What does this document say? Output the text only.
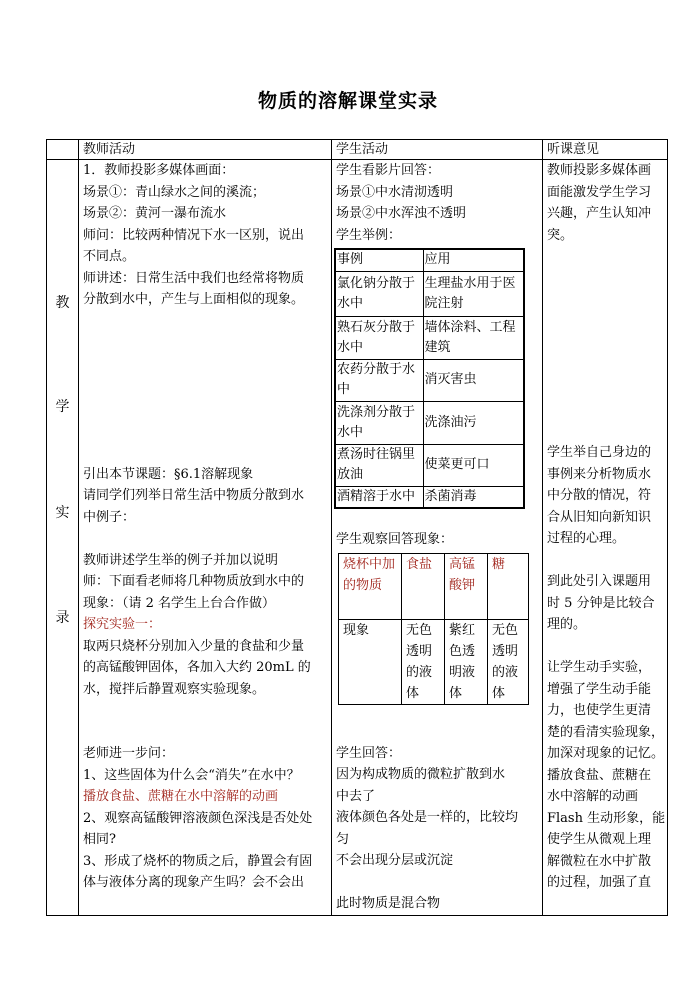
物质的溶解课堂实录
	教师活动	学生活动	听课意见

教
学
实
录

1．教师投影多媒体画面：
场景①：青山绿水之间的溪流；
场景②：黄河一瀑布流水
师问：比较两种情况下水一区别，说出
不同点。
师讲述：日常生活中我们也经常将物质
分散到水中，产生与上面相似的现象。
引出本节课题：§6.1溶解现象
请同学们列举日常生活中物质分散到水
中例子：
教师讲述学生举的例子并加以说明
师：下面看老师将几种物质放到水中的
现象：（请 2 名学生上台合作做）
探究实验一：
取两只烧杯分别加入少量的食盐和少量
的高锰酸钾固体，各加入大约 20mL 的
水，搅拌后静置观察实验现象。
老师进一步问：
1、这些固体为什么会“消失”在水中？
播放食盐、蔗糖在水中溶解的动画
2、观察高锰酸钾溶液颜色深浅是否处处
相同?
3、形成了烧杯的物质之后，静置会有固
体与液体分离的现象产生吗？会不会出

学生看影片回答：
场景①中水清沏透明
场景②中水浑浊不透明
学生举例：
事例	应用
氯化钠分散于水中	生理盐水用于医院注射
熟石灰分散于水中	墙体涂料、工程建筑
农药分散于水中	消灭害虫
洗涤剂分散于水中	洗涤油污
煮汤时往锅里放油	使菜更可口
酒精溶于水中	杀菌消毒
学生观察回答现象：
烧杯中加的物质	食盐	高锰酸钾	糖
现象	无色透明的液体	紫红色透明液体	无色透明的液体
学生回答：
因为构成物质的微粒扩散到水
中去了
液体颜色各处是一样的，比较均
匀
不会出现分层或沉淀
此时物质是混合物

教师投影多媒体画
面能激发学生学习
兴趣，产生认知冲
突。
学生举自己身边的
事例来分析物质水
中分散的情况，符
合从旧知向新知识
过程的心理。
到此处引入课题用
时 5 分钟是比较合
理的。
让学生动手实验，
增强了学生动手能
力，也使学生更清
楚的看清实验现象，
加深对现象的记忆。
播放食盐、蔗糖在
水中溶解的动画
Flash 生动形象，能
使学生从微观上理
解微粒在水中扩散
的过程，加强了直
